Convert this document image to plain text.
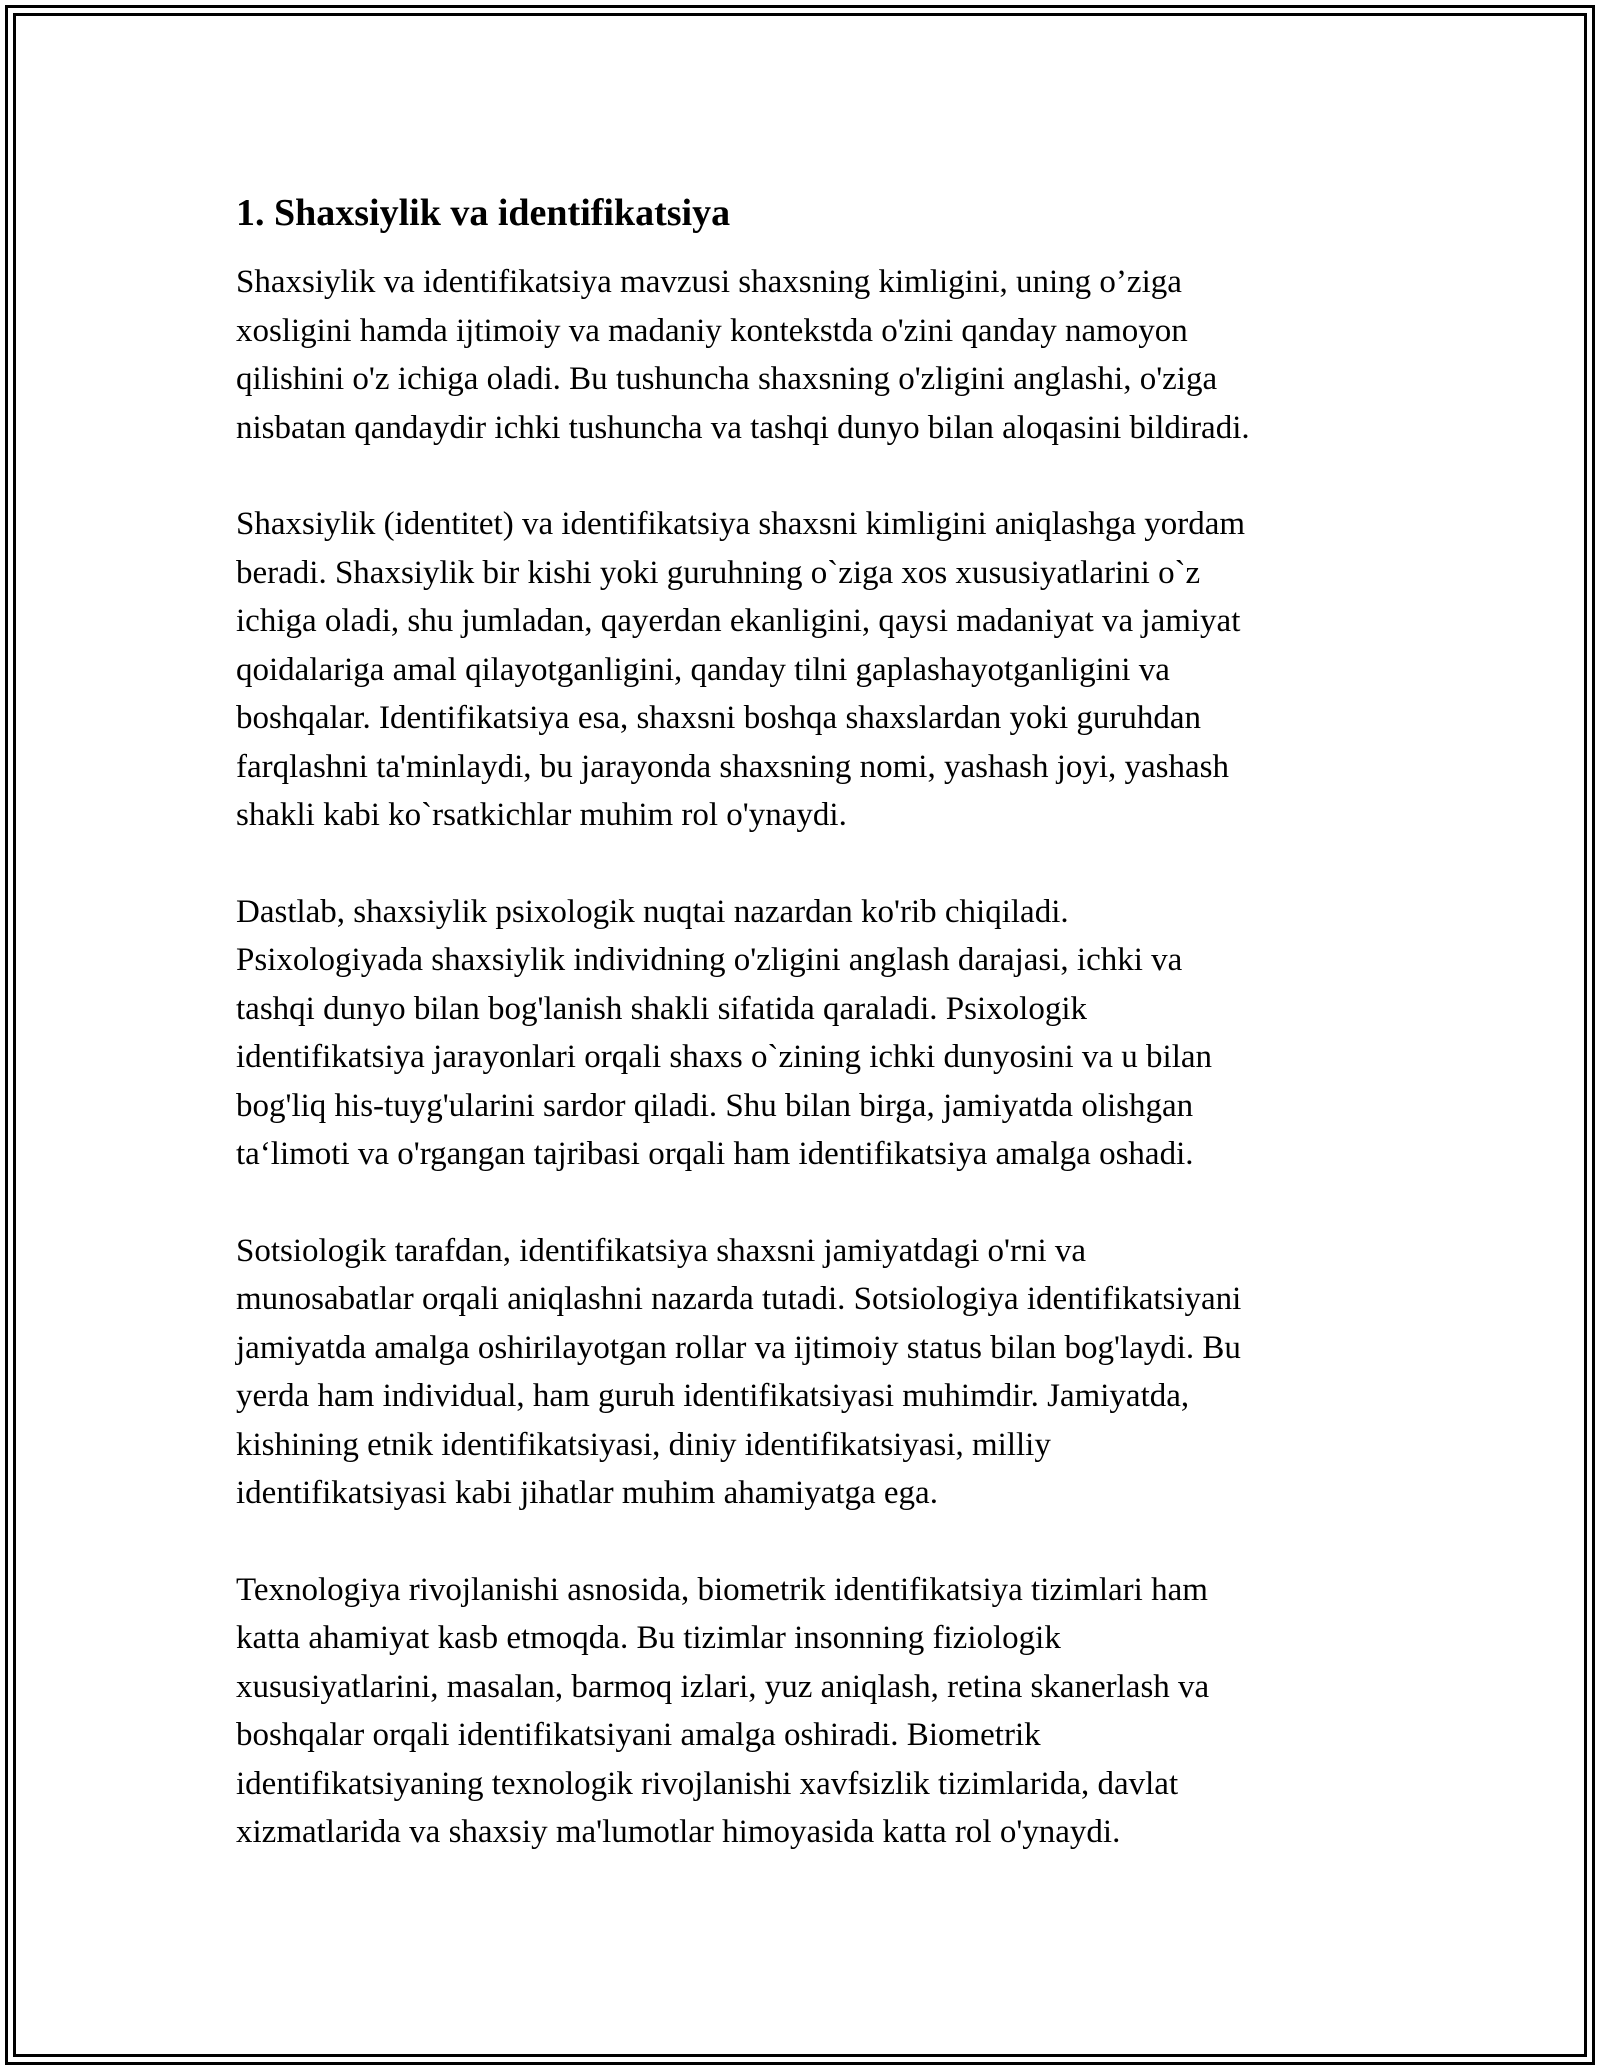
1. Shaxsiylik va identifikatsiya

Shaxsiylik va identifikatsiya mavzusi shaxsning kimligini, uning o’ziga
xosligini hamda ijtimoiy va madaniy kontekstda o'zini qanday namoyon
qilishini o'z ichiga oladi. Bu tushuncha shaxsning o'zligini anglashi, o'ziga
nisbatan qandaydir ichki tushuncha va tashqi dunyo bilan aloqasini bildiradi.

Shaxsiylik (identitet) va identifikatsiya shaxsni kimligini aniqlashga yordam
beradi. Shaxsiylik bir kishi yoki guruhning o`ziga xos xususiyatlarini o`z
ichiga oladi, shu jumladan, qayerdan ekanligini, qaysi madaniyat va jamiyat
qoidalariga amal qilayotganligini, qanday tilni gaplashayotganligini va
boshqalar. Identifikatsiya esa, shaxsni boshqa shaxslardan yoki guruhdan
farqlashni ta'minlaydi, bu jarayonda shaxsning nomi, yashash joyi, yashash
shakli kabi ko`rsatkichlar muhim rol o'ynaydi.

Dastlab, shaxsiylik psixologik nuqtai nazardan ko'rib chiqiladi.
Psixologiyada shaxsiylik individning o'zligini anglash darajasi, ichki va
tashqi dunyo bilan bog'lanish shakli sifatida qaraladi. Psixologik
identifikatsiya jarayonlari orqali shaxs o`zining ichki dunyosini va u bilan
bog'liq his-tuyg'ularini sardor qiladi. Shu bilan birga, jamiyatda olishgan
ta‘limoti va o'rgangan tajribasi orqali ham identifikatsiya amalga oshadi.

Sotsiologik tarafdan, identifikatsiya shaxsni jamiyatdagi o'rni va
munosabatlar orqali aniqlashni nazarda tutadi. Sotsiologiya identifikatsiyani
jamiyatda amalga oshirilayotgan rollar va ijtimoiy status bilan bog'laydi. Bu
yerda ham individual, ham guruh identifikatsiyasi muhimdir. Jamiyatda,
kishining etnik identifikatsiyasi, diniy identifikatsiyasi, milliy
identifikatsiyasi kabi jihatlar muhim ahamiyatga ega.

Texnologiya rivojlanishi asnosida, biometrik identifikatsiya tizimlari ham
katta ahamiyat kasb etmoqda. Bu tizimlar insonning fiziologik
xususiyatlarini, masalan, barmoq izlari, yuz aniqlash, retina skanerlash va
boshqalar orqali identifikatsiyani amalga oshiradi. Biometrik
identifikatsiyaning texnologik rivojlanishi xavfsizlik tizimlarida, davlat
xizmatlarida va shaxsiy ma'lumotlar himoyasida katta rol o'ynaydi.
